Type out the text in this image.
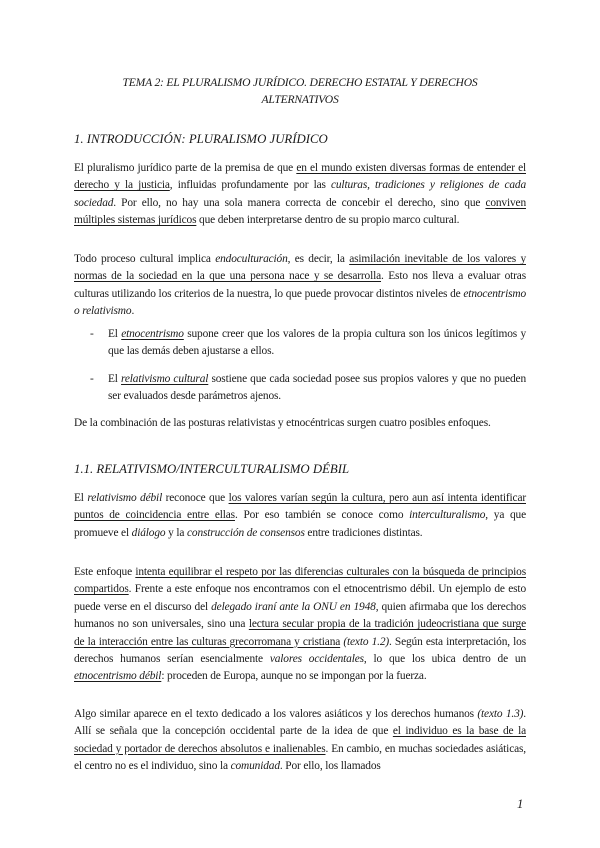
TEMA 2: EL PLURALISMO JURÍDICO. DERECHO ESTATAL Y DERECHOS ALTERNATIVOS
1. INTRODUCCIÓN: PLURALISMO JURÍDICO
El pluralismo jurídico parte de la premisa de que en el mundo existen diversas formas de entender el derecho y la justicia, influidas profundamente por las culturas, tradiciones y religiones de cada sociedad. Por ello, no hay una sola manera correcta de concebir el derecho, sino que conviven múltiples sistemas jurídicos que deben interpretarse dentro de su propio marco cultural.
Todo proceso cultural implica endoculturación, es decir, la asimilación inevitable de los valores y normas de la sociedad en la que una persona nace y se desarrolla. Esto nos lleva a evaluar otras culturas utilizando los criterios de la nuestra, lo que puede provocar distintos niveles de etnocentrismo o relativismo.
- El etnocentrismo supone creer que los valores de la propia cultura son los únicos legítimos y que las demás deben ajustarse a ellos.
- El relativismo cultural sostiene que cada sociedad posee sus propios valores y que no pueden ser evaluados desde parámetros ajenos.
De la combinación de las posturas relativistas y etnocéntricas surgen cuatro posibles enfoques.
1.1. RELATIVISMO/INTERCULTURALISMO DÉBIL
El relativismo débil reconoce que los valores varían según la cultura, pero aun así intenta identificar puntos de coincidencia entre ellas. Por eso también se conoce como interculturalismo, ya que promueve el diálogo y la construcción de consensos entre tradiciones distintas.
Este enfoque intenta equilibrar el respeto por las diferencias culturales con la búsqueda de principios compartidos. Frente a este enfoque nos encontramos con el etnocentrismo débil. Un ejemplo de esto puede verse en el discurso del delegado iraní ante la ONU en 1948, quien afirmaba que los derechos humanos no son universales, sino una lectura secular propia de la tradición judeocristiana que surge de la interacción entre las culturas grecorromana y cristiana (texto 1.2). Según esta interpretación, los derechos humanos serían esencialmente valores occidentales, lo que los ubica dentro de un etnocentrismo débil: proceden de Europa, aunque no se impongan por la fuerza.
Algo similar aparece en el texto dedicado a los valores asiáticos y los derechos humanos (texto 1.3). Allí se señala que la concepción occidental parte de la idea de que el individuo es la base de la sociedad y portador de derechos absolutos e inalienables. En cambio, en muchas sociedades asiáticas, el centro no es el individuo, sino la comunidad. Por ello, los llamados
1
